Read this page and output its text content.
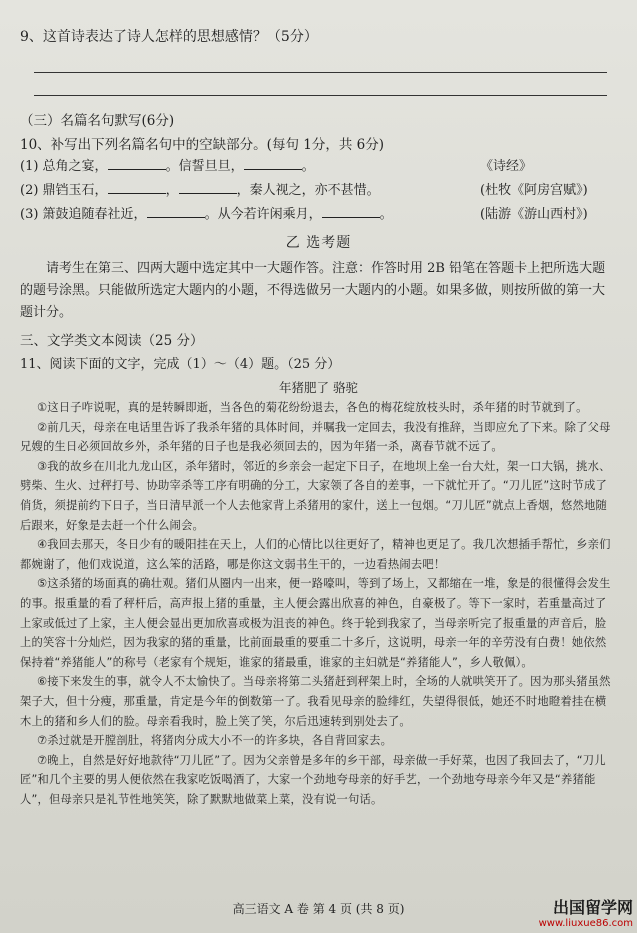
9、这首诗表达了诗人怎样的思想感情？（5分）
（三）名篇名句默写(6分)
10、补写出下列名篇名句中的空缺部分。(每句 1分，共 6分)
(1) 总角之宴，	。信誓旦旦，	。	《诗经》
(2) 鼎铛玉石，	，	，秦人视之，亦不甚惜。	(杜牧《阿房宫赋》)
(3) 箫鼓追随春社近，	。从今若许闲乘月，	。	(陆游《游山西村》)
乙 选考题

请考生在第三、四两大题中选定其中一大题作答。注意：作答时用 2B 铅笔在答题卡上把所选大题的题号涂黑。只能做所选定大题内的小题，不得选做另一大题内的小题。如果多做，则按所做的第一大题计分。

三、文学类文本阅读（25 分）
11、阅读下面的文字，完成（1）～（4）题。（25 分）
年猪肥了 骆驼

①这日子咋说呢，真的是转瞬即逝，当各色的菊花纷纷退去，各色的梅花绽放枝头时，杀年猪的时节就到了。

②前几天，母亲在电话里告诉了我杀年猪的具体时间，并嘱我一定回去，我没有推辞，当即应允了下来。除了父母兄嫂的生日必须回故乡外，杀年猪的日子也是我必须回去的，因为年猪一杀，离春节就不远了。

③我的故乡在川北九龙山区，杀年猪时，邻近的乡亲会一起定下日子，在地坝上垒一台大灶，架一口大锅，挑水、劈柴、生火、过秤打号、协助宰杀等工序有明确的分工，大家领了各自的差事，一下就忙开了。“刀儿匠”这时节成了俏货，须提前约下日子，当日清早派一个人去他家背上杀猪用的家什，送上一包烟。“刀儿匠”就点上香烟，悠然地随后跟来，好象是去赶一个什么闹会。

④我回去那天，冬日少有的暖阳挂在天上，人们的心情比以往更好了，精神也更足了。我几次想插手帮忙，乡亲们都婉谢了，他们戏说道，这么笨的活路，哪是你这文弱书生干的，一边看热闹去吧！

⑤这杀猪的场面真的确壮观。猪们从圈内一出来，便一路嚎叫，等到了场上，又都缩在一堆，象是的很懂得会发生的事。报重量的看了秤杆后，高声报上猪的重量，主人便会露出欣喜的神色，自豪极了。等下一家时，若重量高过了上家或低过了上家，主人便会显出更加欣喜或极为沮丧的神色。终于轮到我家了，当母亲听完了报重量的声音后，脸上的笑容十分灿烂，因为我家的猪的重量，比前面最重的要重二十多斤，这说明，母亲一年的辛劳没有白费！她依然保持着“养猪能人”的称号（老家有个规矩，谁家的猪最重，谁家的主妇就是“养猪能人”，乡人敬佩）。

⑥接下来发生的事，就令人不太愉快了。当母亲将第二头猪赶到秤架上时，全场的人就哄笑开了。因为那头猪虽然架子大，但十分瘦，那重量，肯定是今年的倒数第一了。我看见母亲的脸绯红，失望得很低，她还不时地瞪着挂在横木上的猪和乡人们的脸。母亲看我时，脸上笑了笑，尔后迅速转到别处去了。

⑦杀过就是开膛剖肚，将猪肉分成大小不一的许多块，各自背回家去。

⑦晚上，自然是好好地款待“刀儿匠”了。因为父亲曾是多年的乡干部，母亲做一手好菜，也因了我回去了，“刀儿匠”和几个主要的男人便依然在我家吃饭喝酒了，大家一个劲地夸母亲的好手艺，一个劲地夸母亲今年又是“养猪能人”，但母亲只是礼节性地笑笑，除了默默地做菜上菜，没有说一句话。

高三语文 A 卷 第 4 页 (共 8 页)	出国留学网
www.liuxue86.com
